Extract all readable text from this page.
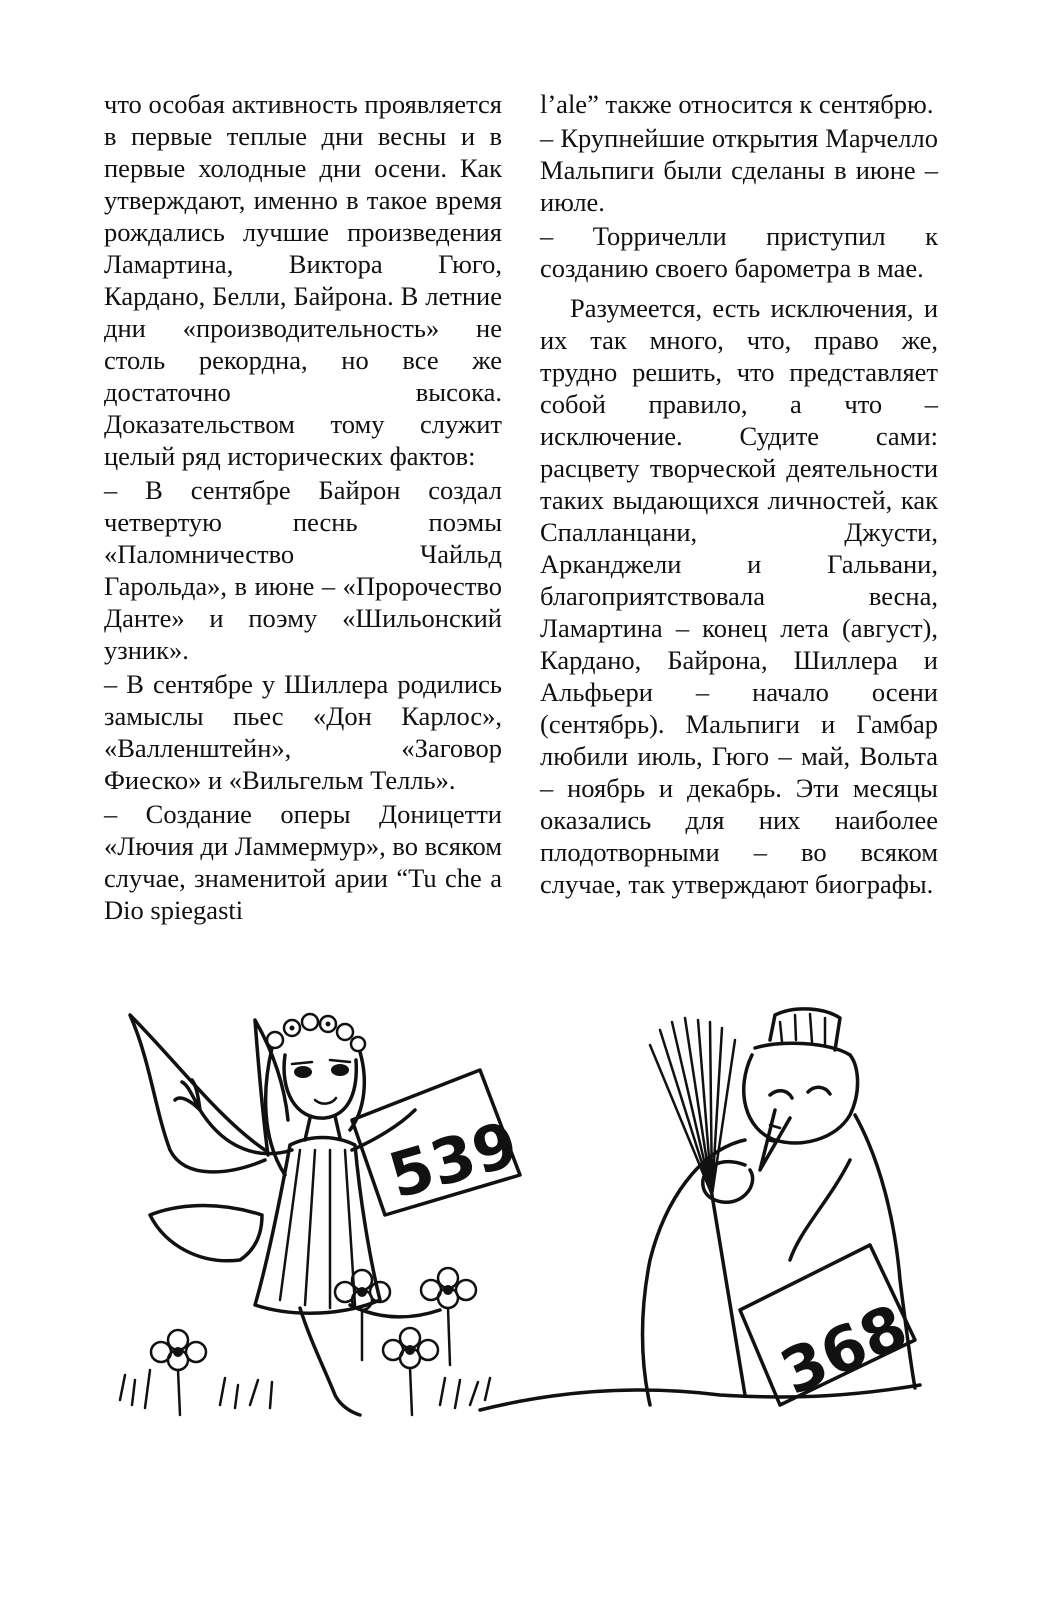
что особая активность проявляется в первые теплые дни весны и в первые холодные дни осени. Как утверждают, именно в такое время рождались лучшие произведения Ламартина, Виктора Гюго, Кардано, Белли, Байрона. В летние дни «производительность» не столь рекордна, но все же достаточно высока. Доказательством тому служит целый ряд исторических фактов:

– В сентябре Байрон создал четвертую песнь поэмы «Паломничество Чайльд Гарольда», в июне – «Пророчество Данте» и поэму «Шильонский узник».

– В сентябре у Шиллера родились замыслы пьес «Дон Карлос», «Валленштейн», «Заговор Фиеско» и «Вильгельм Телль».

– Создание оперы Доницетти «Лючия ди Ламмермур», во всяком случае, знаменитой арии “Tu che a Dio spiegasti

l’ale” также относится к сентябрю.

– Крупнейшие открытия Марчелло Мальпиги были сделаны в июне – июле.

– Торричелли приступил к созданию своего барометра в мае.

Разумеется, есть исключения, и их так много, что, право же, трудно решить, что представляет собой правило, а что – исключение. Судите сами: расцвету творческой деятельности таких выдающихся личностей, как Спалланцани, Джусти, Арканджели и Гальвани, благоприятствовала весна, Ламартина – конец лета (август), Кардано, Байрона, Шиллера и Альфьери – начало осени (сентябрь). Мальпиги и Гамбар любили июль, Гюго – май, Вольта – ноябрь и декабрь. Эти месяцы оказались для них наиболее плодотворными – во всяком случае, так утверждают биографы.

539
368
